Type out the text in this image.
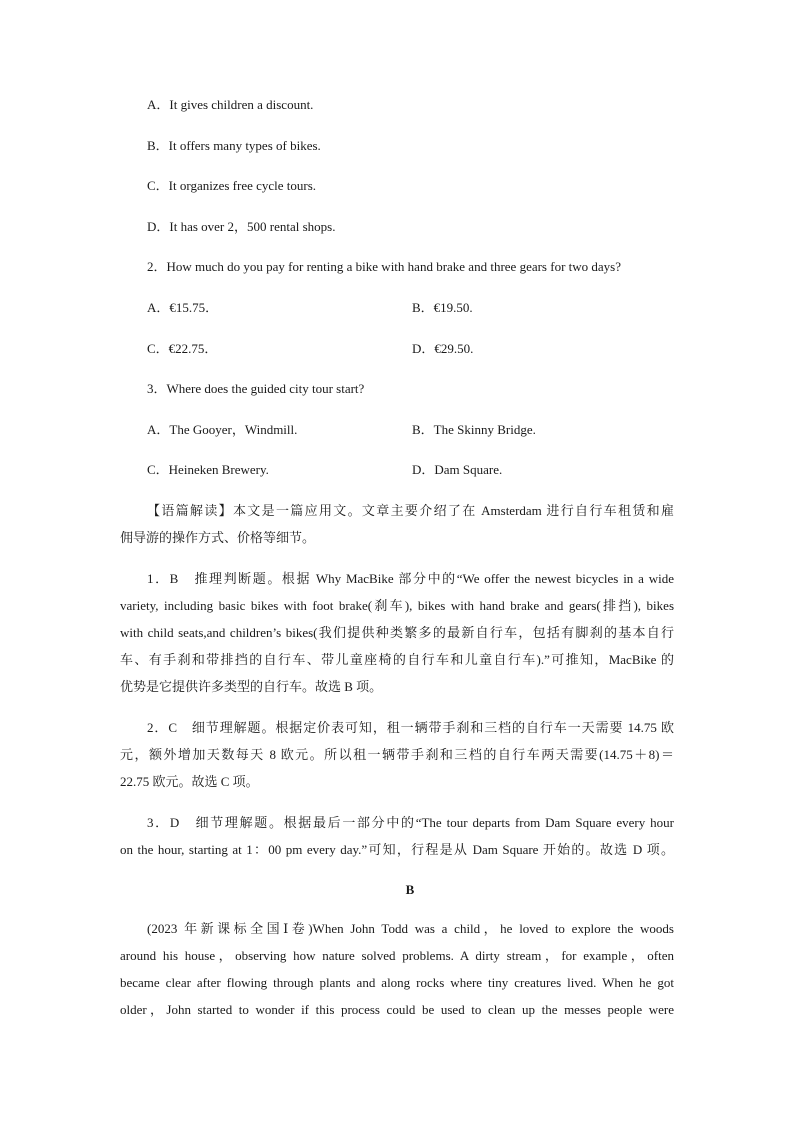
A．It gives children a discount.
B．It offers many types of bikes.
C．It organizes free cycle tours.
D．It has over 2，500 rental shops.
2．How much do you pay for renting a bike with hand brake and three gears for two days?
A．€15.75．	B．€19.50.
C．€22.75．	D．€29.50.
3．Where does the guided city tour start?
A．The Gooyer，Windmill.	B．The Skinny Bridge.
C．Heineken Brewery.	D．Dam Square.
【语篇解读】本文是一篇应用文。文章主要介绍了在 Amsterdam 进行自行车租赁和雇
佣导游的操作方式、价格等细节。
1．B　推理判断题。根据 Why MacBike 部分中的“We offer the newest bicycles in a wide
variety, including basic bikes with foot brake(刹车), bikes with hand brake and gears(排挡), bikes
with child seats,and children’s bikes(我们提供种类繁多的最新自行车，包括有脚刹的基本自行
车、有手刹和带排挡的自行车、带儿童座椅的自行车和儿童自行车).”可推知，MacBike 的
优势是它提供许多类型的自行车。故选 B 项。
2．C　细节理解题。根据定价表可知，租一辆带手刹和三档的自行车一天需要 14.75 欧
元，额外增加天数每天 8 欧元。所以租一辆带手刹和三档的自行车两天需要(14.75＋8)＝
22.75 欧元。故选 C 项。
3．D　细节理解题。根据最后一部分中的“The tour departs from Dam Square every hour
on the hour, starting at 1：00 pm every day.”可知，行程是从 Dam Square 开始的。故选 D 项。
B
(2023 年新课标全国Ⅰ卷)When John Todd was a child，he loved to explore the woods
around his house，observing how nature solved problems. A dirty stream，for example，often
became clear after flowing through plants and along rocks where tiny creatures lived. When he got
older，John started to wonder if this process could be used to clean up the messes people were
